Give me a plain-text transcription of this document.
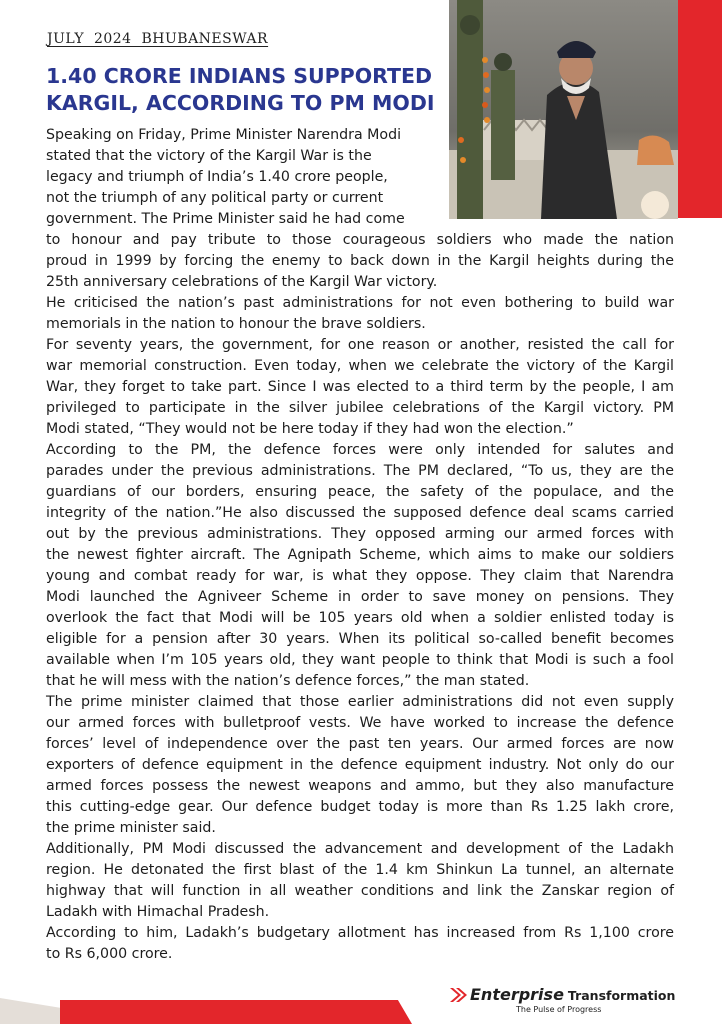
JULY  2024  BHUBANESWAR
1.40 CRORE INDIANS SUPPORTED
KARGIL, ACCORDING TO PM MODI
Speaking on Friday, Prime Minister Narendra Modi
stated that the victory of the Kargil War is the
legacy and triumph of India’s 1.40 crore people,
not the triumph of any political party or current
government. The Prime Minister said he had come
to honour and pay tribute to those courageous soldiers who made the nation
proud in 1999 by forcing the enemy to back down in the Kargil heights during the
25th anniversary celebrations of the Kargil War victory.
He criticised the nation’s past administrations for not even bothering to build war
memorials in the nation to honour the brave soldiers.
For seventy years, the government, for one reason or another, resisted the call for
war memorial construction. Even today, when we celebrate the victory of the Kargil
War, they forget to take part. Since I was elected to a third term by the people, I am
privileged to participate in the silver jubilee celebrations of the Kargil victory. PM
Modi stated, “They would not be here today if they had won the election.”
According to the PM, the defence forces were only intended for salutes and
parades under the previous administrations. The PM declared, “To us, they are the
guardians of our borders, ensuring peace, the safety of the populace, and the
integrity of the nation.”He also discussed the supposed defence deal scams carried
out by the previous administrations. They opposed arming our armed forces with
the newest fighter aircraft. The Agnipath Scheme, which aims to make our soldiers
young and combat ready for war, is what they oppose. They claim that Narendra
Modi launched the Agniveer Scheme in order to save money on pensions. They
overlook the fact that Modi will be 105 years old when a soldier enlisted today is
eligible for a pension after 30 years. When its political so-called benefit becomes
available when I’m 105 years old, they want people to think that Modi is such a fool
that he will mess with the nation’s defence forces,” the man stated.
The prime minister claimed that those earlier administrations did not even supply
our armed forces with bulletproof vests. We have worked to increase the defence
forces’ level of independence over the past ten years. Our armed forces are now
exporters of defence equipment in the defence equipment industry. Not only do our
armed forces possess the newest weapons and ammo, but they also manufacture
this cutting-edge gear. Our defence budget today is more than Rs 1.25 lakh crore,
the prime minister said.
Additionally, PM Modi discussed the advancement and development of the Ladakh
region. He detonated the first blast of the 1.4 km Shinkun La tunnel, an alternate
highway that will function in all weather conditions and link the Zanskar region of
Ladakh with Himachal Pradesh.
According to him, Ladakh’s budgetary allotment has increased from Rs 1,100 crore
to Rs 6,000 crore.
Enterprise Transformation
The Pulse of Progress
